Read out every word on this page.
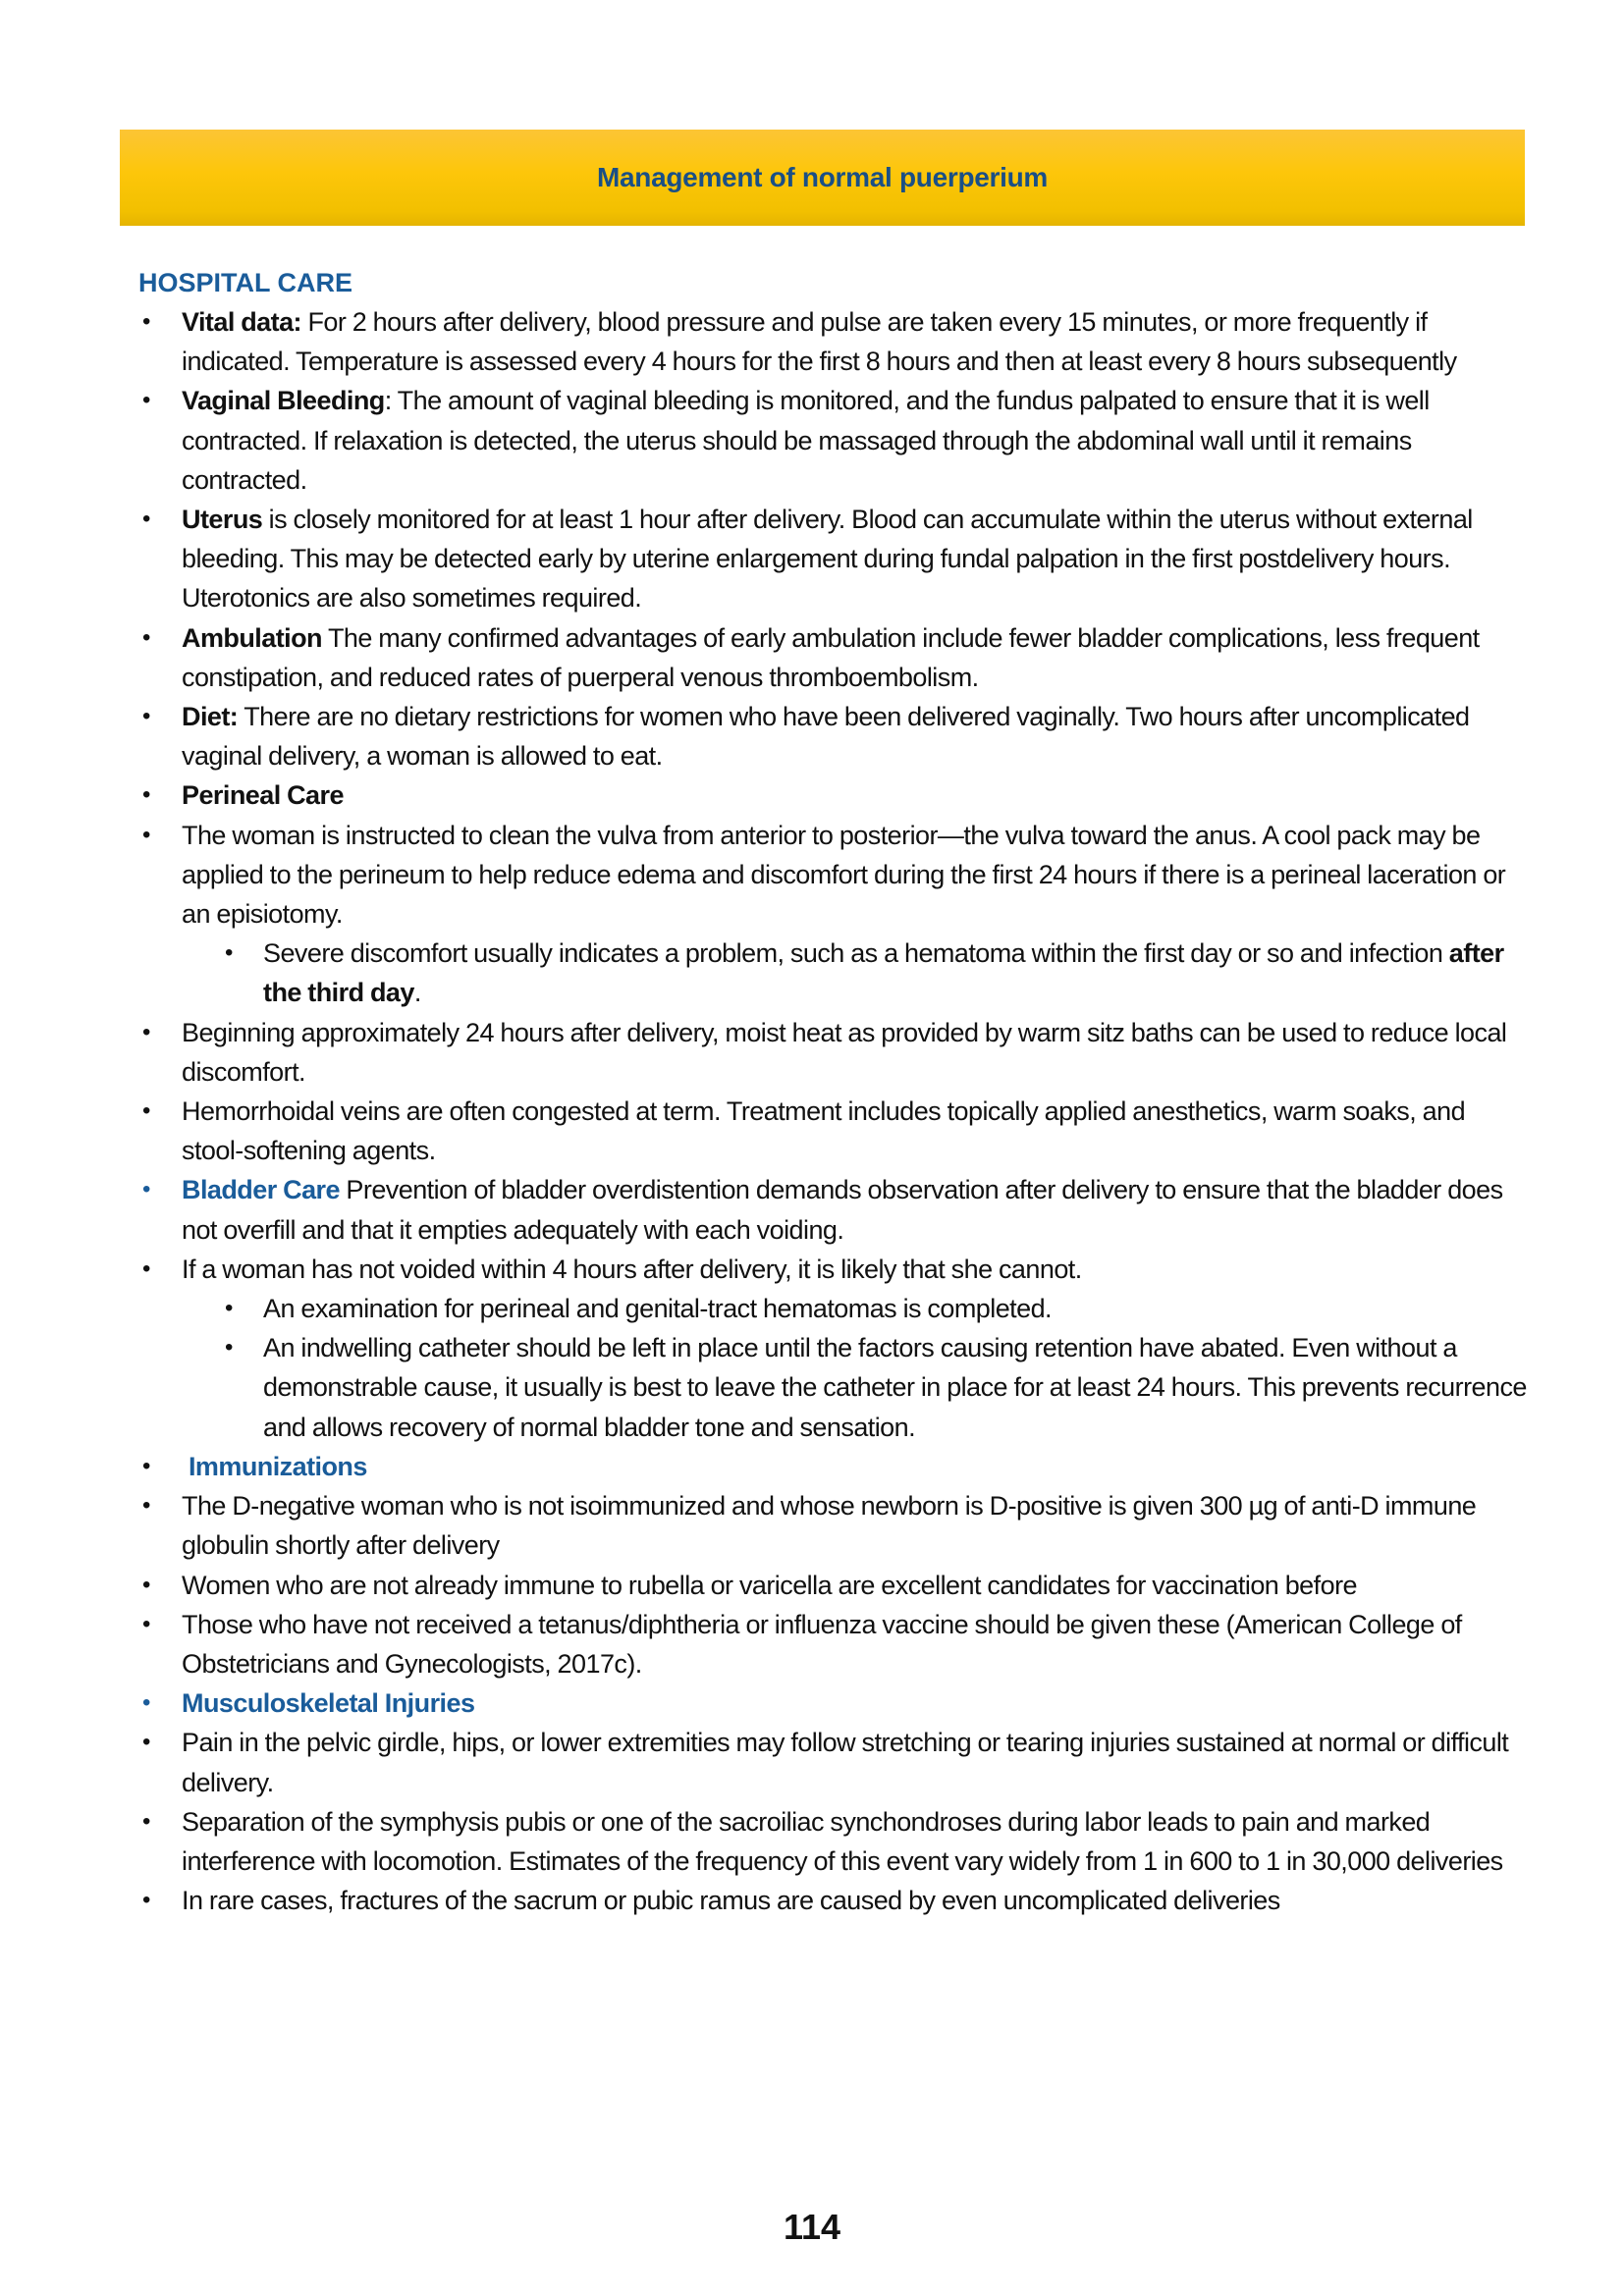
Management of normal puerperium
HOSPITAL CARE
• Vital data: For 2 hours after delivery, blood pressure and pulse are taken every 15 minutes, or more frequently if indicated. Temperature is assessed every 4 hours for the first 8 hours and then at least every 8 hours subsequently
• Vaginal Bleeding: The amount of vaginal bleeding is monitored, and the fundus palpated to ensure that it is well contracted. If relaxation is detected, the uterus should be massaged through the abdominal wall until it remains contracted.
• Uterus is closely monitored for at least 1 hour after delivery. Blood can accumulate within the uterus without external bleeding. This may be detected early by uterine enlargement during fundal palpation in the first postdelivery hours. Uterotonics are also sometimes required.
• Ambulation The many confirmed advantages of early ambulation include fewer bladder complications, less frequent constipation, and reduced rates of puerperal venous thromboembolism.
• Diet: There are no dietary restrictions for women who have been delivered vaginally. Two hours after uncomplicated vaginal delivery, a woman is allowed to eat.
• Perineal Care
• The woman is instructed to clean the vulva from anterior to posterior—the vulva toward the anus. A cool pack may be applied to the perineum to help reduce edema and discomfort during the first 24 hours if there is a perineal laceration or an episiotomy.
• Severe discomfort usually indicates a problem, such as a hematoma within the first day or so and infection after the third day.
• Beginning approximately 24 hours after delivery, moist heat as provided by warm sitz baths can be used to reduce local discomfort.
• Hemorrhoidal veins are often congested at term. Treatment includes topically applied anesthetics, warm soaks, and stool-softening agents.
• Bladder Care Prevention of bladder overdistention demands observation after delivery to ensure that the bladder does not overfill and that it empties adequately with each voiding.
• If a woman has not voided within 4 hours after delivery, it is likely that she cannot.
• An examination for perineal and genital-tract hematomas is completed.
• An indwelling catheter should be left in place until the factors causing retention have abated. Even without a demonstrable cause, it usually is best to leave the catheter in place for at least 24 hours. This prevents recurrence and allows recovery of normal bladder tone and sensation.
• Immunizations
• The D-negative woman who is not isoimmunized and whose newborn is D-positive is given 300 µg of anti-D immune globulin shortly after delivery
• Women who are not already immune to rubella or varicella are excellent candidates for vaccination before
• Those who have not received a tetanus/diphtheria or influenza vaccine should be given these (American College of Obstetricians and Gynecologists, 2017c).
• Musculoskeletal Injuries
• Pain in the pelvic girdle, hips, or lower extremities may follow stretching or tearing injuries sustained at normal or difficult delivery.
• Separation of the symphysis pubis or one of the sacroiliac synchondroses during labor leads to pain and marked interference with locomotion. Estimates of the frequency of this event vary widely from 1 in 600 to 1 in 30,000 deliveries
• In rare cases, fractures of the sacrum or pubic ramus are caused by even uncomplicated deliveries
114
